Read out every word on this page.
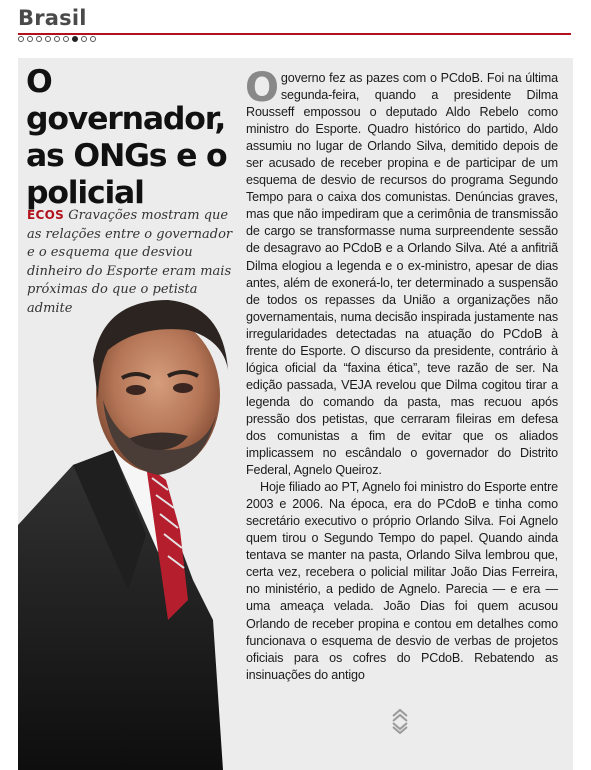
Brasil
O governador, as ONGs e o policial

ECOS Gravações mostram que as relações entre o governador e o esquema que desviou dinheiro do Esporte eram mais próximas do que o petista admite

O governo fez as pazes com o PCdoB. Foi na última segunda-feira, quando a presidente Dilma Rousseff empossou o deputado Aldo Rebelo como ministro do Esporte. Quadro histórico do partido, Aldo assumiu no lugar de Orlando Silva, demitido depois de ser acusado de receber propina e de participar de um esquema de desvio de recursos do programa Segundo Tempo para o caixa dos comunistas. Denúncias graves, mas que não impediram que a cerimônia de transmissão de cargo se transformasse numa surpreendente sessão de desagravo ao PCdoB e a Orlando Silva. Até a anfitriã Dilma elogiou a legenda e o ex-ministro, apesar de dias antes, além de exonerá-lo, ter determinado a suspensão de todos os repasses da União a organizações não governamentais, numa decisão inspirada justamente nas irregularidades detectadas na atuação do PCdoB à frente do Esporte. O discurso da presidente, contrário à lógica oficial da “faxina ética”, teve razão de ser. Na edição passada, VEJA revelou que Dilma cogitou tirar a legenda do comando da pasta, mas recuou após pressão dos petistas, que cerraram fileiras em defesa dos comunistas a fim de evitar que os aliados implicassem no escândalo o governador do Distrito Federal, Agnelo Queiroz.

Hoje filiado ao PT, Agnelo foi ministro do Esporte entre 2003 e 2006. Na época, era do PCdoB e tinha como secretário executivo o próprio Orlando Silva. Foi Agnelo quem tirou o Segundo Tempo do papel. Quando ainda tentava se manter na pasta, Orlando Silva lembrou que, certa vez, recebera o policial militar João Dias Ferreira, no ministério, a pedido de Agnelo. Parecia — e era — uma ameaça velada. João Dias foi quem acusou Orlando de receber propina e contou em detalhes como funcionava o esquema de desvio de verbas de projetos oficiais para os cofres do PCdoB. Rebatendo as insinuações do antigo
